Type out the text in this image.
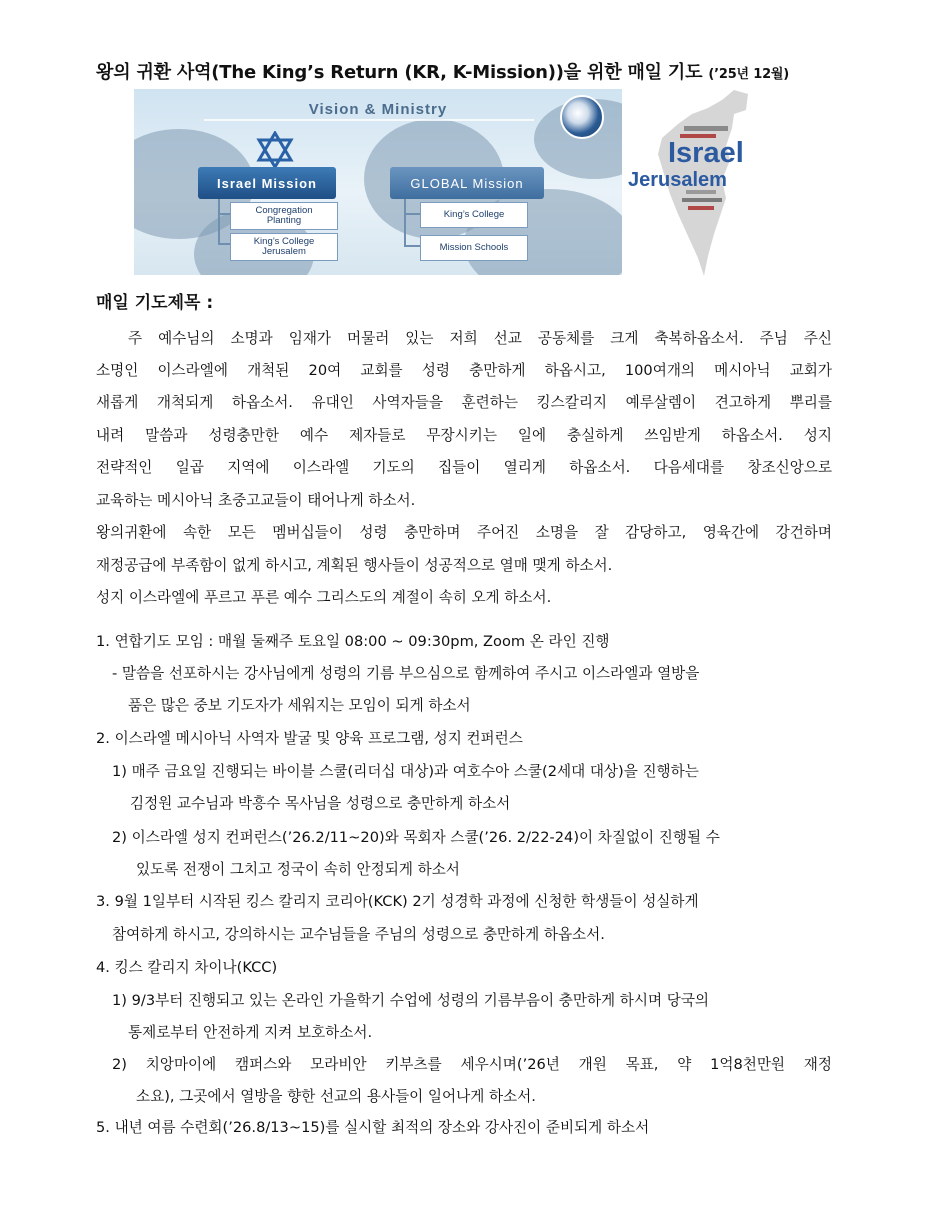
왕의 귀환 사역(The King’s Return (KR, K-Mission))을 위한 매일 기도 (’25년 12월)
Vision & Ministry
Israel Mission	GLOBAL Mission
Congregation
Planting
King’s College
Jerusalem
King’s College
Mission Schools
Israel
Jerusalem
매일 기도제목 :
주 예수님의 소명과 임재가 머물러 있는 저희 선교 공동체를 크게 축복하옵소서. 주님 주신
소명인 이스라엘에 개척된 20여 교회를 성령 충만하게 하옵시고, 100여개의 메시아닉 교회가
새롭게 개척되게 하옵소서. 유대인 사역자들을 훈련하는 킹스칼리지 예루살렘이 견고하게 뿌리를
내려 말씀과 성령충만한 예수 제자들로 무장시키는 일에 충실하게 쓰임받게 하옵소서. 성지
전략적인 일곱 지역에 이스라엘 기도의 집들이 열리게 하옵소서. 다음세대를 창조신앙으로
교육하는 메시아닉 초중고교들이 태어나게 하소서.
왕의귀환에 속한 모든 멤버십들이 성령 충만하며 주어진 소명을 잘 감당하고, 영육간에 강건하며
재정공급에 부족함이 없게 하시고, 계획된 행사들이 성공적으로 열매 맺게 하소서.
성지 이스라엘에 푸르고 푸른 예수 그리스도의 계절이 속히 오게 하소서.
1. 연합기도 모임 : 매월 둘째주 토요일 08:00 ~ 09:30pm, Zoom 온 라인 진행
- 말씀을 선포하시는 강사님에게 성령의 기름 부으심으로 함께하여 주시고 이스라엘과 열방을
품은 많은 중보 기도자가 세워지는 모임이 되게 하소서
2. 이스라엘 메시아닉 사역자 발굴 및 양육 프로그램, 성지 컨퍼런스
1) 매주 금요일 진행되는 바이블 스쿨(리더십 대상)과 여호수아 스쿨(2세대 대상)을 진행하는
김정원 교수님과 박흥수 목사님을 성령으로 충만하게 하소서
2) 이스라엘 성지 컨퍼런스(’26.2/11~20)와 목회자 스쿨(’26. 2/22-24)이 차질없이 진행될 수
있도록 전쟁이 그치고 정국이 속히 안정되게 하소서
3. 9월 1일부터 시작된 킹스 칼리지 코리아(KCK) 2기 성경학 과정에 신청한 학생들이 성실하게
참여하게 하시고, 강의하시는 교수님들을 주님의 성령으로 충만하게 하옵소서.
4. 킹스 칼리지 차이나(KCC)
1) 9/3부터 진행되고 있는 온라인 가을학기 수업에 성령의 기름부음이 충만하게 하시며 당국의
통제로부터 안전하게 지켜 보호하소서.
2) 치앙마이에 캠퍼스와 모라비안 키부츠를 세우시며(’26년 개원 목표, 약 1억8천만원 재정
소요), 그곳에서 열방을 향한 선교의 용사들이 일어나게 하소서.
5. 내년 여름 수련회(’26.8/13~15)를 실시할 최적의 장소와 강사진이 준비되게 하소서
